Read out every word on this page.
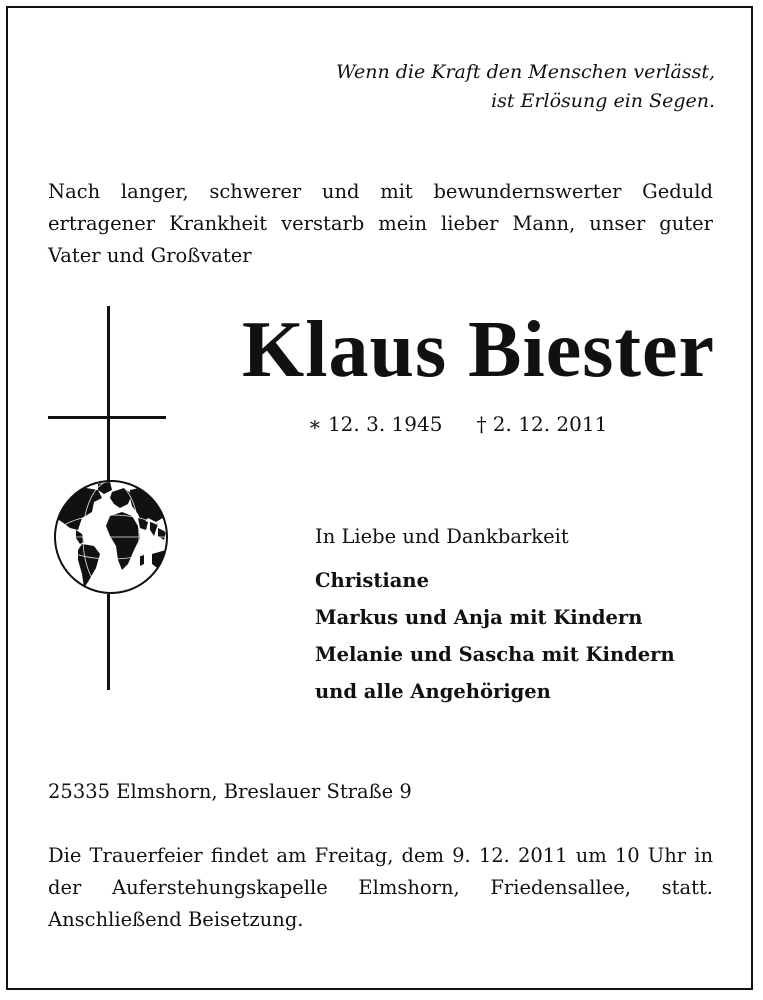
Wenn die Kraft den Menschen verlässt,
ist Erlösung ein Segen.
Nach langer, schwerer und mit bewundernswerter Geduld ertragener Krankheit verstarb mein lieber Mann, unser guter Vater und Großvater
Klaus Biester
∗ 12. 3. 1945 † 2. 12. 2011
In Liebe und Dankbarkeit
Christiane
Markus und Anja mit Kindern
Melanie und Sascha mit Kindern
und alle Angehörigen
25335 Elmshorn, Breslauer Straße 9
Die Trauerfeier findet am Freitag, dem 9. 12. 2011 um 10 Uhr in der Auferstehungskapelle Elmshorn, Friedensallee, statt. Anschließend Beisetzung.
